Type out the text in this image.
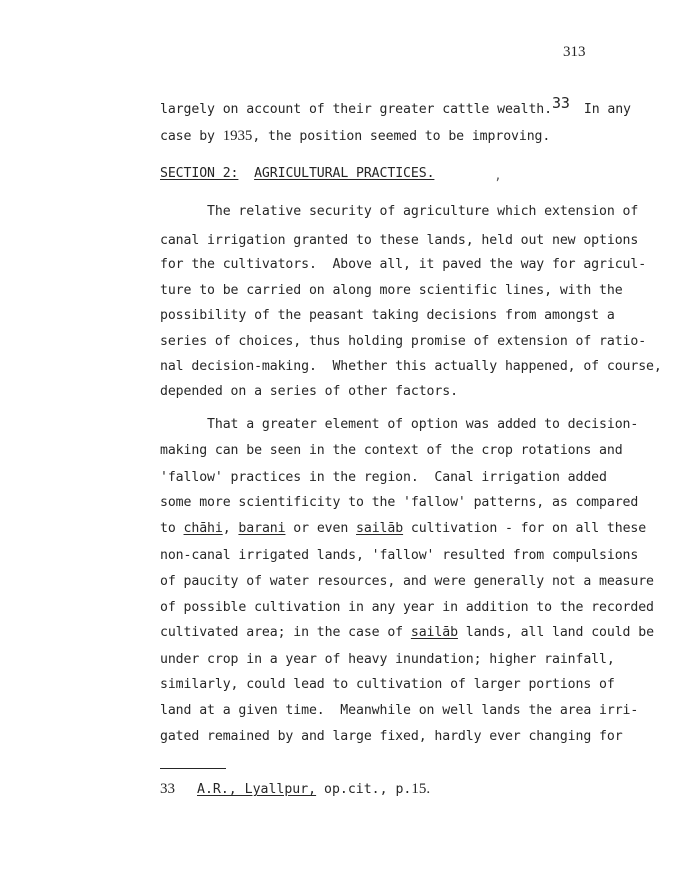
313
largely on account of their greater cattle wealth.33 In any
case by 1935, the position seemed to be improving.
SECTION 2: AGRICULTURAL PRACTICES.
’
The relative security of agriculture which extension of
canal irrigation granted to these lands, held out new options
for the cultivators.  Above all, it paved the way for agricul-
ture to be carried on along more scientific lines, with the
possibility of the peasant taking decisions from amongst a
series of choices, thus holding promise of extension of ratio-
nal decision-making.  Whether this actually happened, of course,
depended on a series of other factors.
That a greater element of option was added to decision-
making can be seen in the context of the crop rotations and
'fallow' practices in the region.  Canal irrigation added
some more scientificity to the 'fallow' patterns, as compared
to chāhi, barani or even sailāb cultivation - for on all these
non-canal irrigated lands, 'fallow' resulted from compulsions
of paucity of water resources, and were generally not a measure
of possible cultivation in any year in addition to the recorded
cultivated area; in the case of sailāb lands, all land could be
under crop in a year of heavy inundation; higher rainfall,
similarly, could lead to cultivation of larger portions of
land at a given time.  Meanwhile on well lands the area irri-
gated remained by and large fixed, hardly ever changing for
33 A.R., Lyallpur, op.cit., p.15.
